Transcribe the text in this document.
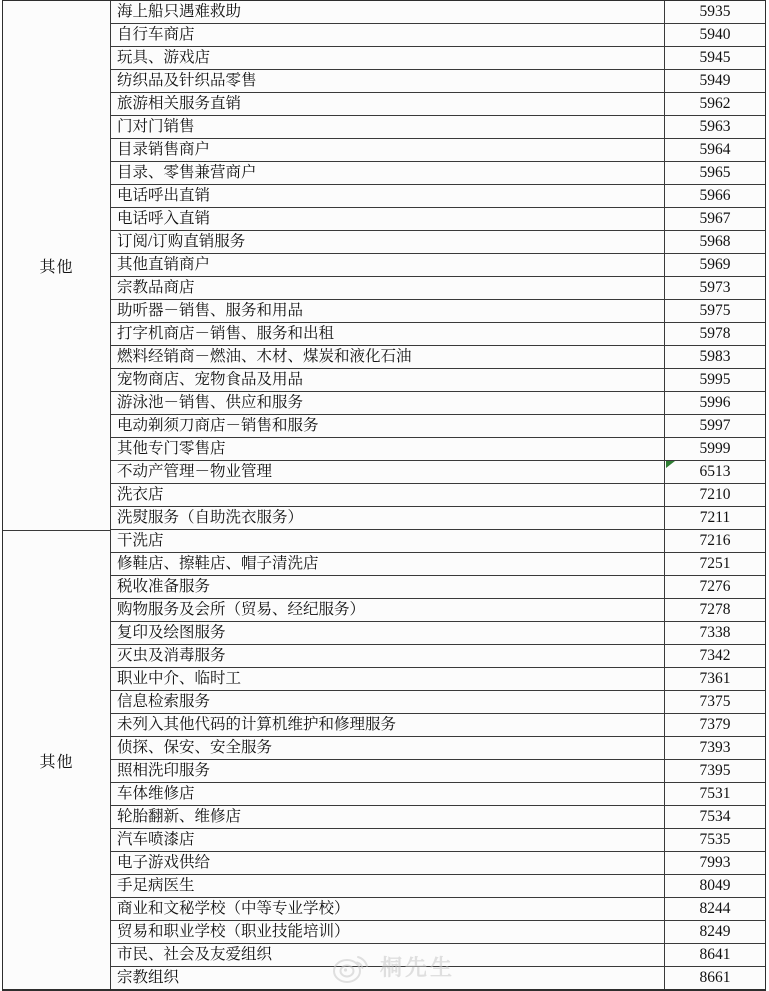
其他
其他
海上船只遇难救助	5935
自行车商店	5940
玩具、游戏店	5945
纺织品及针织品零售	5949
旅游相关服务直销	5962
门对门销售	5963
目录销售商户	5964
目录、零售兼营商户	5965
电话呼出直销	5966
电话呼入直销	5967
订阅/订购直销服务	5968
其他直销商户	5969
宗教品商店	5973
助听器－销售、服务和用品	5975
打字机商店－销售、服务和出租	5978
燃料经销商－燃油、木材、煤炭和液化石油	5983
宠物商店、宠物食品及用品	5995
游泳池－销售、供应和服务	5996
电动剃须刀商店－销售和服务	5997
其他专门零售店	5999
不动产管理－物业管理	6513
洗衣店	7210
洗熨服务（自助洗衣服务）	7211
干洗店	7216
修鞋店、擦鞋店、帽子清洗店	7251
税收准备服务	7276
购物服务及会所（贸易、经纪服务）	7278
复印及绘图服务	7338
灭虫及消毒服务	7342
职业中介、临时工	7361
信息检索服务	7375
未列入其他代码的计算机维护和修理服务	7379
侦探、保安、安全服务	7393
照相洗印服务	7395
车体维修店	7531
轮胎翻新、维修店	7534
汽车喷漆店	7535
电子游戏供给	7993
手足病医生	8049
商业和文秘学校（中等专业学校）	8244
贸易和职业学校（职业技能培训）	8249
市民、社会及友爱组织	8641
宗教组织	8661
桐先生
